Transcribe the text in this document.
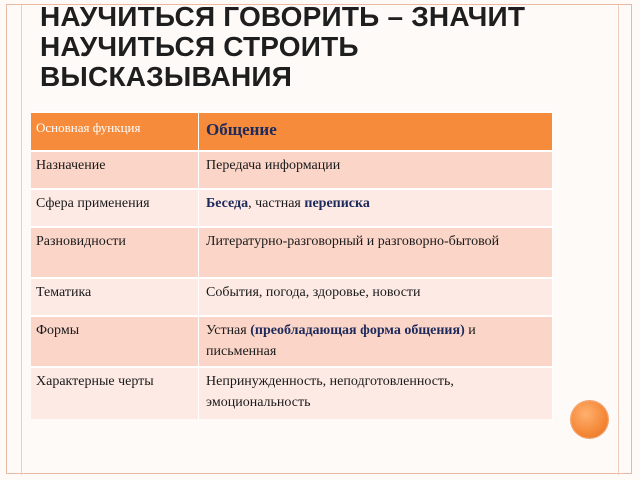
НАУЧИТЬСЯ ГОВОРИТЬ – ЗНАЧИТ
НАУЧИТЬСЯ СТРОИТЬ
ВЫСКАЗЫВАНИЯ
Основная функция	Общение
Назначение	Передача информации
Сфера применения	Беседа, частная переписка
Разновидности	Литературно-разговорный и разговорно-бытовой
Тематика	События, погода, здоровье, новости
Формы	Устная (преобладающая форма общения) и письменная
Характерные черты	Непринужденность, неподготовленность, эмоциональность
